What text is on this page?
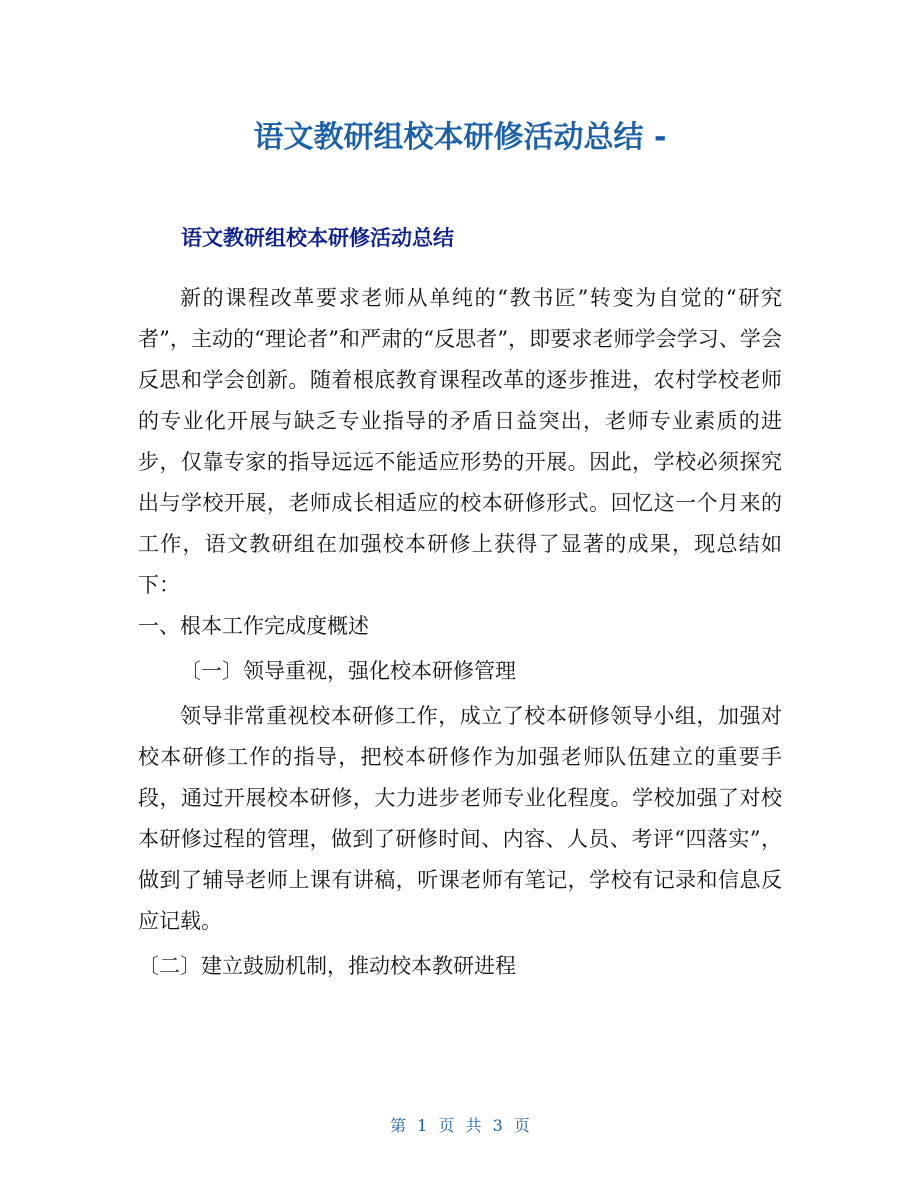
语文教研组校本研修活动总结 -
语文教研组校本研修活动总结

新的课程改革要求老师从单纯的“教书匠”转变为自觉的“研究者”，主动的“理论者”和严肃的“反思者”，即要求老师学会学习、学会反思和学会创新。随着根底教育课程改革的逐步推进，农村学校老师的专业化开展与缺乏专业指导的矛盾日益突出，老师专业素质的进步，仅靠专家的指导远远不能适应形势的开展。因此，学校必须探究出与学校开展，老师成长相适应的校本研修形式。回忆这一个月来的工作，语文教研组在加强校本研修上获得了显著的成果，现总结如下：

一、根本工作完成度概述

〔一〕领导重视，强化校本研修管理

领导非常重视校本研修工作，成立了校本研修领导小组，加强对校本研修工作的指导，把校本研修作为加强老师队伍建立的重要手段，通过开展校本研修，大力进步老师专业化程度。学校加强了对校本研修过程的管理，做到了研修时间、内容、人员、考评“四落实”，做到了辅导老师上课有讲稿，听课老师有笔记，学校有记录和信息反应记载。

〔二〕建立鼓励机制，推动校本教研进程

第 1 页 共 3 页
